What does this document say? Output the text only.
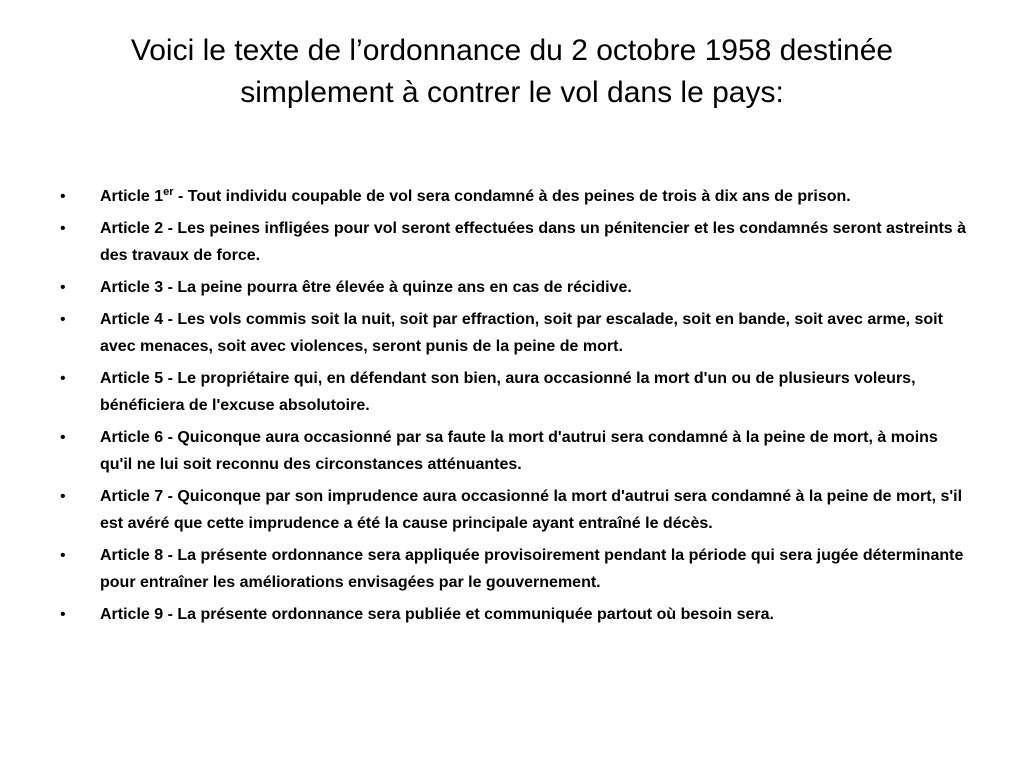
Voici le texte de l’ordonnance du 2 octobre 1958 destinée
simplement à contrer le vol dans le pays:
•	Article 1er - Tout individu coupable de vol sera condamné à des peines de trois à dix ans de prison.
•	Article 2 - Les peines infligées pour vol seront effectuées dans un pénitencier et les condamnés seront astreints à des travaux de force.
•	Article 3 - La peine pourra être élevée à quinze ans en cas de récidive.
•	Article 4 - Les vols commis soit la nuit, soit par effraction, soit par escalade, soit en bande, soit avec arme, soit avec menaces, soit avec violences, seront punis de la peine de mort.
•	Article 5 - Le propriétaire qui, en défendant son bien, aura occasionné la mort d'un ou de plusieurs voleurs, bénéficiera de l'excuse absolutoire.
•	Article 6 - Quiconque aura occasionné par sa faute la mort d'autrui sera condamné à la peine de mort, à moins qu'il ne lui soit reconnu des circonstances atténuantes.
•	Article 7 - Quiconque par son imprudence aura occasionné la mort d'autrui sera condamné à la peine de mort, s'il est avéré que cette imprudence a été la cause principale ayant entraîné le décès.
•	Article 8 - La présente ordonnance sera appliquée provisoirement pendant la période qui sera jugée déterminante pour entraîner les améliorations envisagées par le gouvernement.
•	Article 9 - La présente ordonnance sera publiée et communiquée partout où besoin sera.
